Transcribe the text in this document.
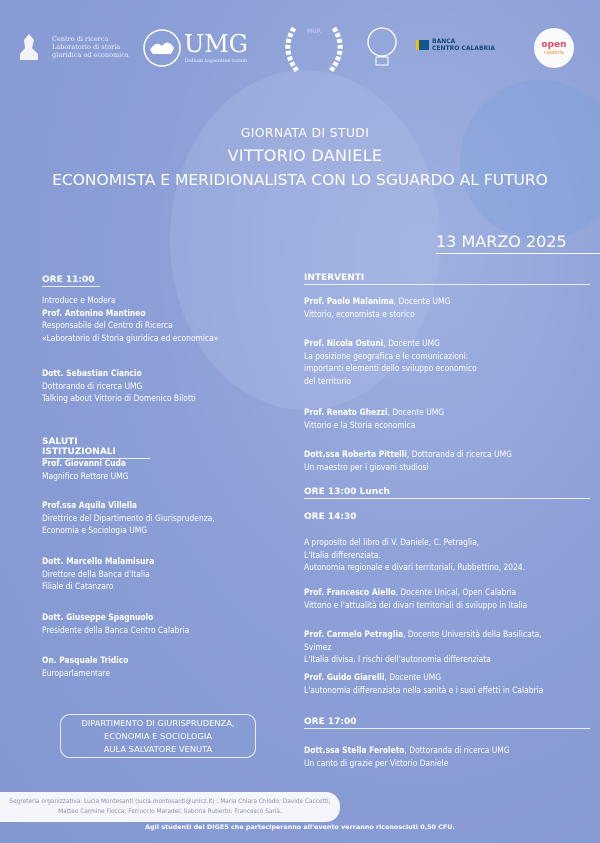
Centro di ricerca
Laboratorio di storia
giuridica ed economica UMG
Dabum sapientiae totum
MUR
BANCA
CENTRO CALABRIA	open
calabria
GIORNATA DI STUDI
VITTORIO DANIELE
ECONOMISTA E MERIDIONALISTA CON LO SGUARDO AL FUTURO
13 MARZO 2025
ORE 11:00
Introduce e Modera
Prof. Antonino Mantineo
Responsabile del Centro di Ricerca
«Laboratorio di Storia giuridica ed economica»
Dott. Sebastian Ciancio
Dottorando di ricerca UMG
Talking about Vittorio di Domenico Bilotti
SALUTI ISTITUZIONALI
Prof. Giovanni Cuda
Magnifico Rettore UMG
Prof.ssa Aquila Villella
Direttrice del Dipartimento di Giurisprudenza,
Economia e Sociologia UMG
Dott. Marcello Malamisura
Direttore della Banca d'Italia
Filiale di Catanzaro
Dott. Giuseppe Spagnuolo
Presidente della Banca Centro Calabria
On. Pasquale Tridico
Europarlamentare
DIPARTIMENTO DI GIURISPRUDENZA,
ECONOMIA E SOCIOLOGIA
AULA SALVATORE VENUTA
INTERVENTI
Prof. Paolo Malanima, Docente UMG
Vittorio, economista e storico
Prof. Nicola Ostuni, Docente UMG
La posizione geografica e le comunicazioni:
importanti elementi dello sviluppo economico
del territorio
Prof. Renato Ghezzi, Docente UMG
Vittorio e la Storia economica
Dott.ssa Roberta Pittelli, Dottoranda di ricerca UMG
Un maestro per i giovani studiosi
ORE 13:00 Lunch
ORE 14:30
A proposito del libro di V. Daniele, C. Petraglia,
L'Italia differenziata.
Autonomia regionale e divari territoriali, Rubbettino, 2024.
Prof. Francesco Aiello, Docente Unical, Open Calabria
Vittorio e l'attualità dei divari territoriali di sviluppo in Italia
Prof. Carmelo Petraglia, Docente Università della Basilicata,
Svimez
L'Italia divisa. I rischi dell'autonomia differenziata
Prof. Guido Giarelli, Docente UMG
L'autonomia differenziata nella sanità e i suoi effetti in Calabria
ORE 17:00
Dott.ssa Stella Feroleto, Dottoranda di ricerca UMG
Un canto di grazie per Vittorio Daniele
Segreteria organizzativa: Lucia Montesanti (lucia.montesanti@unicz.it) ; Maria Chiara Chiodo; Davide Caccetti;
Matteo Carmine Fiocca; Ferruccio Maradei; Sabrina Ruberto; Francesco Sarià.
Agli studenti del DIGES che parteciperanno all'evento verranno riconosciuti 0,50 CFU.
